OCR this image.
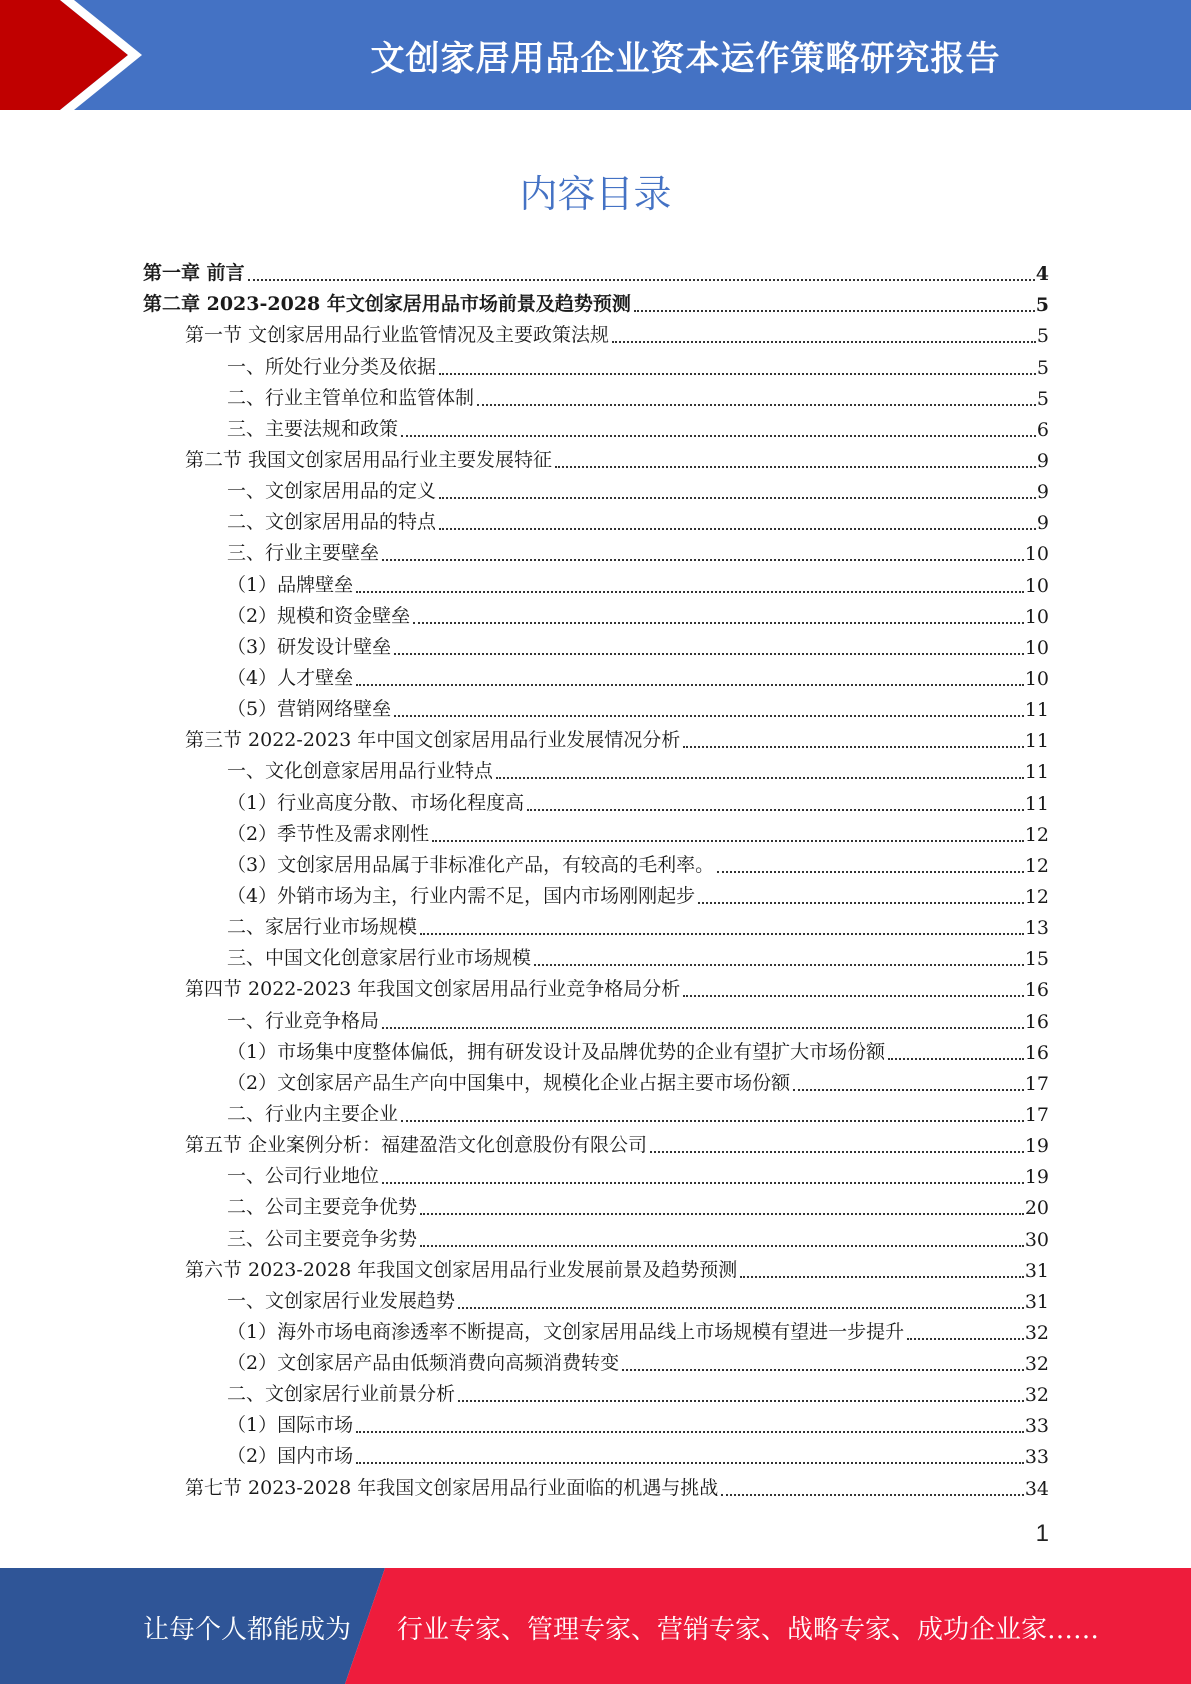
文创家居用品企业资本运作策略研究报告
内容目录
第一章 前言	4
第二章 2023-2028 年文创家居用品市场前景及趋势预测	5
第一节 文创家居用品行业监管情况及主要政策法规	5
一、所处行业分类及依据	5
二、行业主管单位和监管体制	5
三、主要法规和政策	6
第二节 我国文创家居用品行业主要发展特征	9
一、文创家居用品的定义	9
二、文创家居用品的特点	9
三、行业主要壁垒	10
（1）品牌壁垒	10
（2）规模和资金壁垒	10
（3）研发设计壁垒	10
（4）人才壁垒	10
（5）营销网络壁垒	11
第三节 2022-2023 年中国文创家居用品行业发展情况分析	11
一、文化创意家居用品行业特点	11
（1）行业高度分散、市场化程度高	11
（2）季节性及需求刚性	12
（3）文创家居用品属于非标准化产品，有较高的毛利率。	12
（4）外销市场为主，行业内需不足，国内市场刚刚起步	12
二、家居行业市场规模	13
三、中国文化创意家居行业市场规模	15
第四节 2022-2023 年我国文创家居用品行业竞争格局分析	16
一、行业竞争格局	16
（1）市场集中度整体偏低，拥有研发设计及品牌优势的企业有望扩大市场份额	16
（2）文创家居产品生产向中国集中，规模化企业占据主要市场份额	17
二、行业内主要企业	17
第五节 企业案例分析：福建盈浩文化创意股份有限公司	19
一、公司行业地位	19
二、公司主要竞争优势	20
三、公司主要竞争劣势	30
第六节 2023-2028 年我国文创家居用品行业发展前景及趋势预测	31
一、文创家居行业发展趋势	31
（1）海外市场电商渗透率不断提高，文创家居用品线上市场规模有望进一步提升	32
（2）文创家居产品由低频消费向高频消费转变	32
二、文创家居行业前景分析	32
（1）国际市场	33
（2）国内市场	33
第七节 2023-2028 年我国文创家居用品行业面临的机遇与挑战	34
1
让每个人都能成为 行业专家、管理专家、营销专家、战略专家、成功企业家……
